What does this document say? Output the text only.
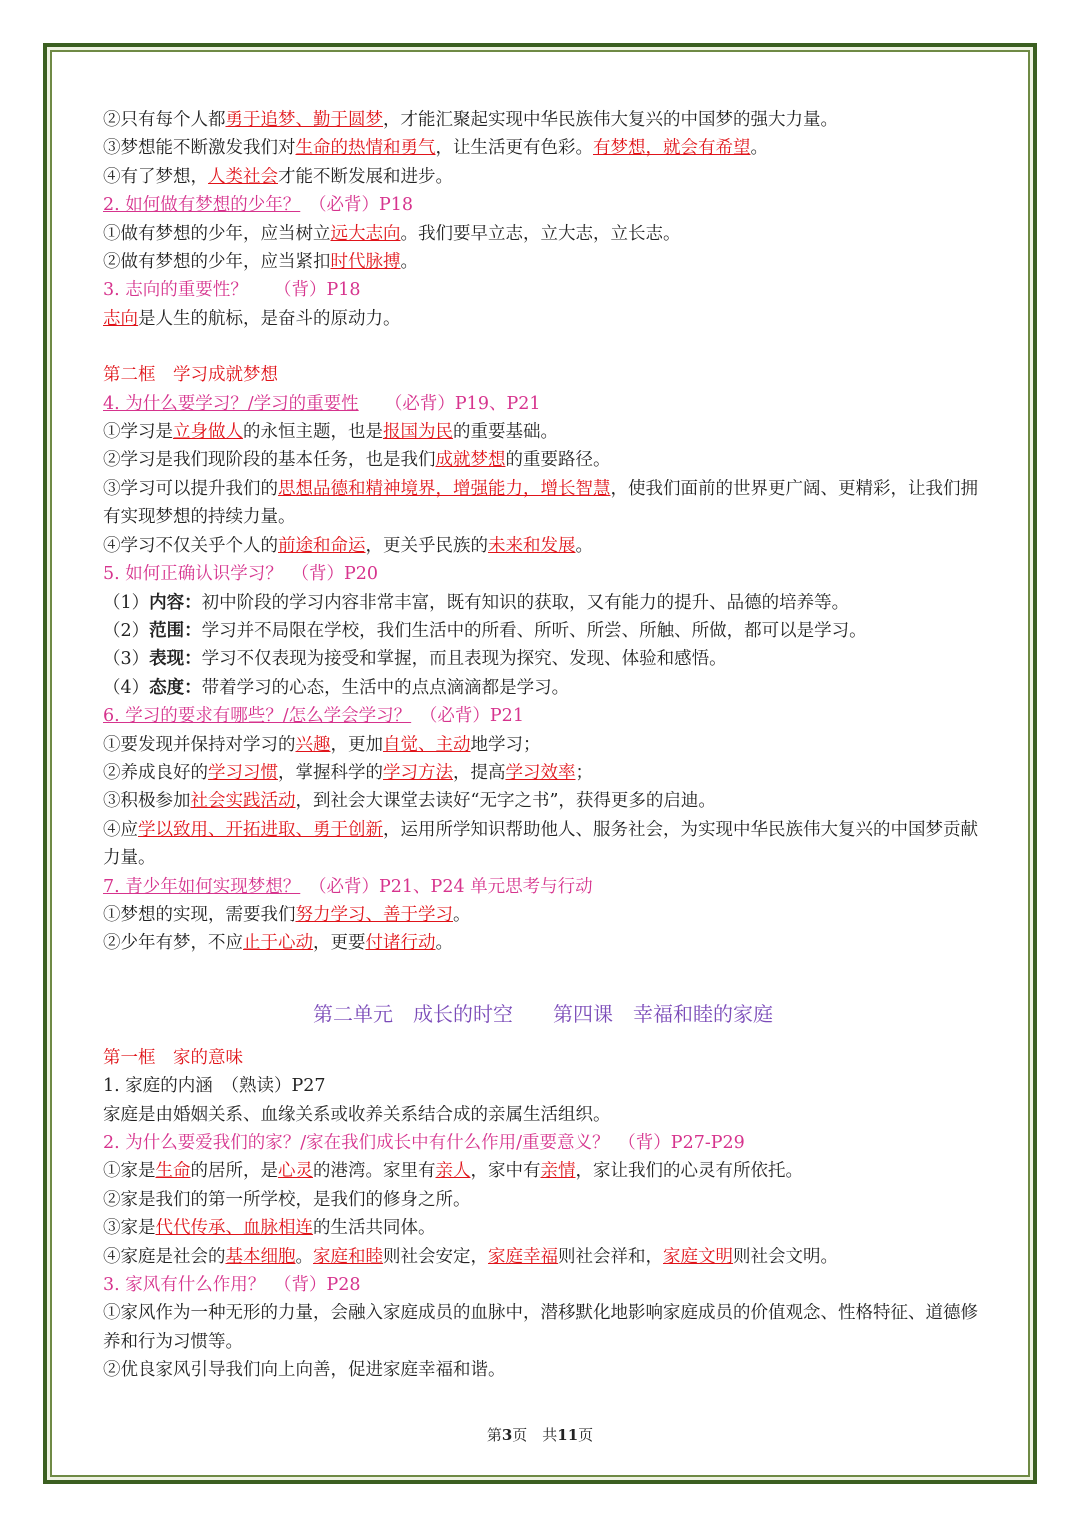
②只有每个人都勇于追梦、勤于圆梦，才能汇聚起实现中华民族伟大复兴的中国梦的强大力量。
③梦想能不断激发我们对生命的热情和勇气，让生活更有色彩。有梦想，就会有希望。
④有了梦想，人类社会才能不断发展和进步。
2. 如何做有梦想的少年？　 （必背）P18
①做有梦想的少年，应当树立远大志向。我们要早立志，立大志，立长志。
②做有梦想的少年，应当紧扣时代脉搏。
3. 志向的重要性？　　 （背）P18
志向是人生的航标，是奋斗的原动力。
第二框　学习成就梦想
4. 为什么要学习？/学习的重要性　　 （必背）P19、P21
①学习是立身做人的永恒主题，也是报国为民的重要基础。
②学习是我们现阶段的基本任务，也是我们成就梦想的重要路径。
③学习可以提升我们的思想品德和精神境界，增强能力，增长智慧，使我们面前的世界更广阔、更精彩，让我们拥有实现梦想的持续力量。
④学习不仅关乎个人的前途和命运，更关乎民族的未来和发展。
5. 如何正确认识学习？　（背）P20
（1）内容：初中阶段的学习内容非常丰富，既有知识的获取，又有能力的提升、品德的培养等。
（2）范围：学习并不局限在学校，我们生活中的所看、所听、所尝、所触、所做，都可以是学习。
（3）表现：学习不仅表现为接受和掌握，而且表现为探究、发现、体验和感悟。
（4）态度：带着学习的心态，生活中的点点滴滴都是学习。
6. 学习的要求有哪些？/怎么学会学习？　 （必背）P21
①要发现并保持对学习的兴趣，更加自觉、主动地学习；
②养成良好的学习习惯，掌握科学的学习方法，提高学习效率；
③积极参加社会实践活动，到社会大课堂去读好“无字之书”，获得更多的启迪。
④应学以致用、开拓进取、勇于创新，运用所学知识帮助他人、服务社会，为实现中华民族伟大复兴的中国梦贡献力量。
7. 青少年如何实现梦想？　 （必背）P21、P24 单元思考与行动
①梦想的实现，需要我们努力学习、善于学习。
②少年有梦，不应止于心动，更要付诸行动。
第二单元　成长的时空　　第四课　幸福和睦的家庭
第一框　家的意味
1. 家庭的内涵　（熟读）P27
家庭是由婚姻关系、血缘关系或收养关系结合成的亲属生活组织。
2. 为什么要爱我们的家？/家在我们成长中有什么作用/重要意义？　（背）P27-P29
①家是生命的居所，是心灵的港湾。家里有亲人，家中有亲情，家让我们的心灵有所依托。
②家是我们的第一所学校，是我们的修身之所。
③家是代代传承、血脉相连的生活共同体。
④家庭是社会的基本细胞。家庭和睦则社会安定，家庭幸福则社会祥和，家庭文明则社会文明。
3. 家风有什么作用？　（背）P28
①家风作为一种无形的力量，会融入家庭成员的血脉中，潜移默化地影响家庭成员的价值观念、性格特征、道德修养和行为习惯等。
②优良家风引导我们向上向善，促进家庭幸福和谐。
第3页　共11页
